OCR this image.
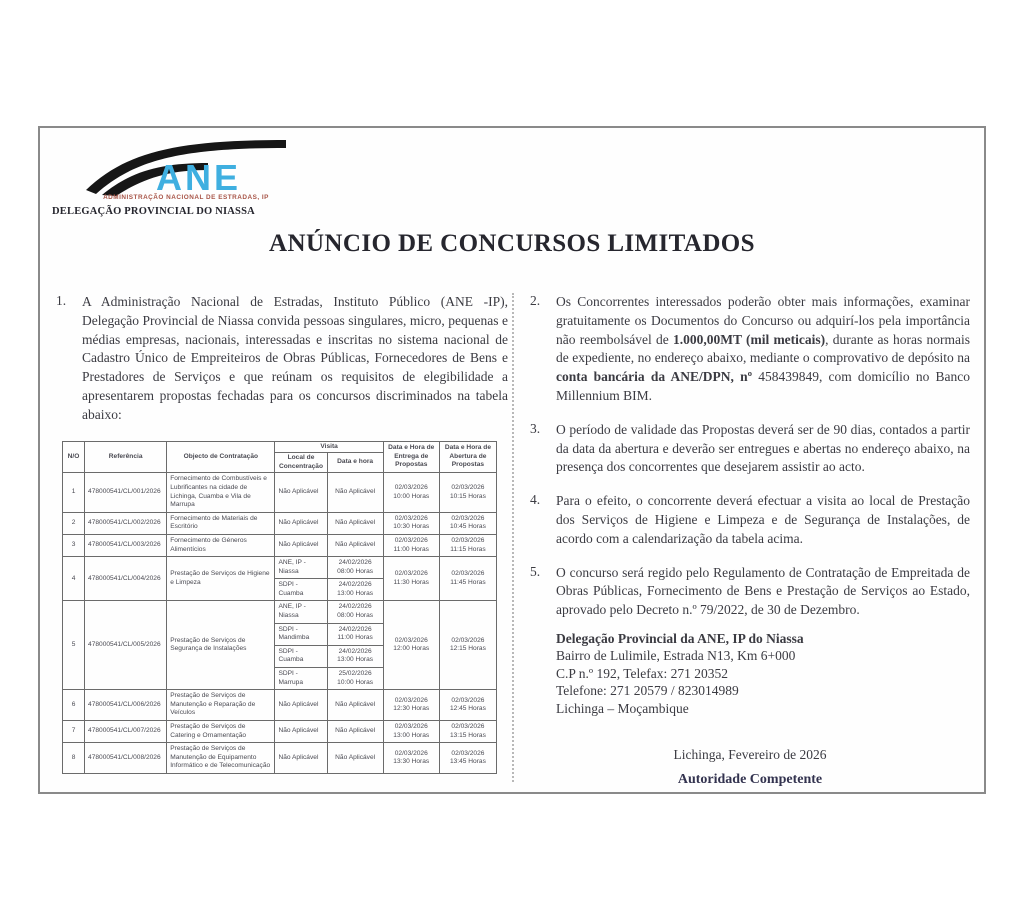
ANE
ADMINISTRAÇÃO NACIONAL DE ESTRADAS, IP
DELEGAÇÃO PROVINCIAL DO NIASSA
ANÚNCIO DE CONCURSOS LIMITADOS
1.	A Administração Nacional de Estradas, Instituto Público (ANE -IP), Delegação Provincial de Niassa convida pessoas singulares, micro, pequenas e médias empresas, nacionais, interessadas e inscritas no sistema nacional de Cadastro Único de Empreiteiros de Obras Públicas, Fornecedores de Bens e Prestadores de Serviços e que reúnam os requisitos de elegibilidade a apresentarem propostas fechadas para os concursos discriminados na tabela abaixo:

N/O	Referência	Objecto de Contratação	Visita		Data e Hora de Entrega de Propostas	Data e Hora de Abertura de Propostas
			Local de Concentração	Data e hora		
1	478000541/CL/001/2026	Fornecimento de Combustíveis e Lubrificantes na cidade de Lichinga, Cuamba e Vila de Marrupa	Não Aplicável	Não Aplicável	02/03/2026 10:00 Horas	02/03/2026 10:15 Horas
2	478000541/CL/002/2026	Fornecimento de Materiais de Escritório	Não Aplicável	Não Aplicável	02/03/2026 10:30 Horas	02/03/2026 10:45 Horas
3	478000541/CL/003/2026	Fornecimento de Géneros Alimentícios	Não Aplicável	Não Aplicável	02/03/2026 11:00 Horas	02/03/2026 11:15 Horas
4	478000541/CL/004/2026	Prestação de Serviços de Higiene e Limpeza	ANE, IP - Niassa	24/02/2026 08:00 Horas	02/03/2026 11:30 Horas	02/03/2026 11:45 Horas
			SDPI - Cuamba	24/02/2026 13:00 Horas		
5	478000541/CL/005/2026	Prestação de Serviços de Segurança de Instalações	ANE, IP - Niassa	24/02/2026 08:00 Horas	02/03/2026 12:00 Horas	02/03/2026 12:15 Horas
			SDPI - Mandimba	24/02/2026 11:00 Horas		
			SDPI - Cuamba	24/02/2026 13:00 Horas		
			SDPI - Marrupa	25/02/2026 10:00 Horas		
6	478000541/CL/006/2026	Prestação de Serviços de Manutenção e Reparação de Veículos	Não Aplicável	Não Aplicável	02/03/2026 12:30 Horas	02/03/2026 12:45 Horas
7	478000541/CL/007/2026	Prestação de Serviços de Catering e Ornamentação	Não Aplicável	Não Aplicável	02/03/2026 13:00 Horas	02/03/2026 13:15 Horas
8	478000541/CL/008/2026	Prestação de Serviços de Manutenção de Equipamento Informático e de Telecomunicação	Não Aplicável	Não Aplicável	02/03/2026 13:30 Horas	02/03/2026 13:45 Horas
2.	Os Concorrentes interessados poderão obter mais informações, examinar gratuitamente os Documentos do Concurso ou adquirí-los pela importância não reembolsável de 1.000,00MT (mil meticais), durante as horas normais de expediente, no endereço abaixo, mediante o comprovativo de depósito na conta bancária da ANE/DPN, nº 458439849, com domicílio no Banco Millennium BIM.

3.	O período de validade das Propostas deverá ser de 90 dias, contados a partir da data da abertura e deverão ser entregues e abertas no endereço abaixo, na presença dos concorrentes que desejarem assistir ao acto.

4.	Para o efeito, o concorrente deverá efectuar a visita ao local de Prestação dos Serviços de Higiene e Limpeza e de Segurança de Instalações, de acordo com a calendarização da tabela acima.

5.	O concurso será regido pelo Regulamento de Contratação de Empreitada de Obras Públicas, Fornecimento de Bens e Prestação de Serviços ao Estado, aprovado pelo Decreto n.º 79/2022, de 30 de Dezembro.

Delegação Provincial da ANE, IP do Niassa
Bairro de Lulimile, Estrada N13, Km 6+000
C.P n.º 192, Telefax: 271 20352
Telefone: 271 20579 / 823014989
Lichinga – Moçambique
Lichinga, Fevereiro de 2026
Autoridade Competente
